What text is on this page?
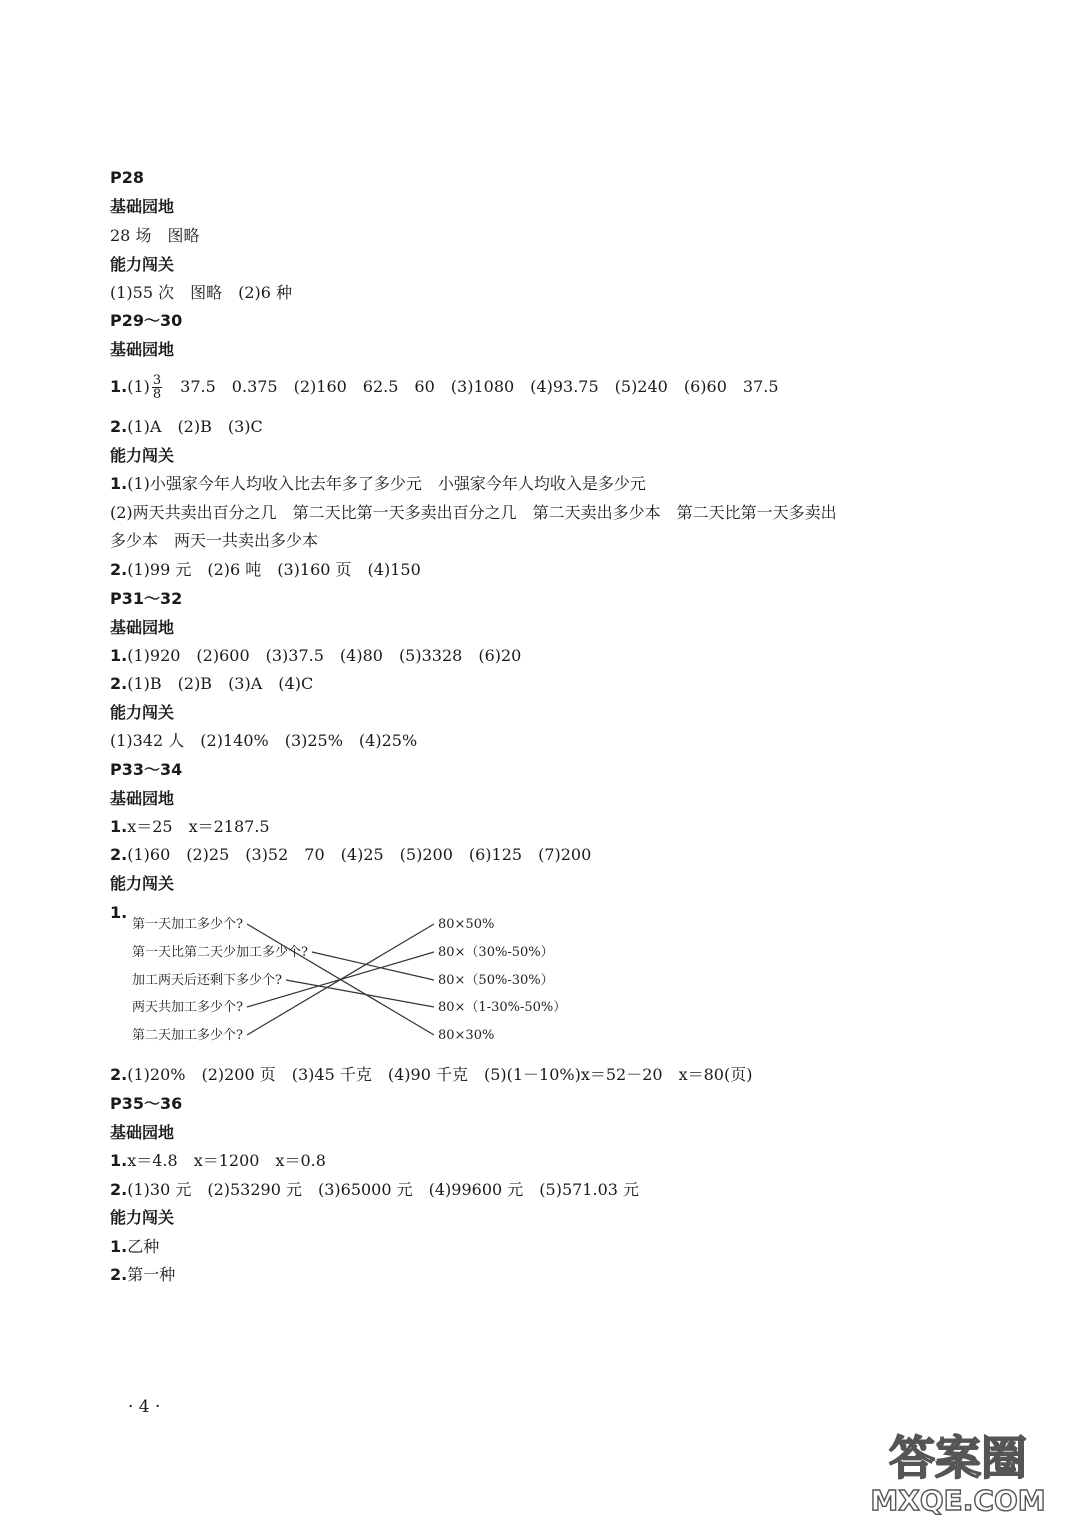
P28

基础园地

28 场　图略

能力闯关

(1)55 次　图略　(2)6 种

P29～30

基础园地

$1.(1) \frac{3}{8}$ 　37.5　0.375　(2)160　62.5　60　(3)1080　(4)93.75　(5)240　(6)60　37.5

2.(1)A　(2)B　(3)C

能力闯关

1.(1)小强家今年人均收入比去年多了多少元　小强家今年人均收入是多少元

(2)两天共卖出百分之几　第二天比第一天多卖出百分之几　第二天卖出多少本　第二天比第一天多卖出

多少本　两天一共卖出多少本

2.(1)99 元　(2)6 吨　(3)160 页　(4)150

P31～32

基础园地

1.(1)920　(2)600　(3)37.5　(4)80　(5)3328　(6)20

2.(1)B　(2)B　(3)A　(4)C

能力闯关

(1)342 人　(2)140%　(3)25%　(4)25%

P33～34

基础园地

1.x＝25　x＝2187.5

2.(1)60　(2)25　(3)52　70　(4)25　(5)200　(6)125　(7)200

能力闯关

1.

第一天加工多少个?
第一天比第二天少加工多少个?
加工两天后还剩下多少个?
两天共加工多少个?
第二天加工多少个?
80×50%
80×（30%-50%）
80×（50%-30%）
80×（1-30%-50%）
80×30%

2.(1)20%　(2)200 页　(3)45 千克　(4)90 千克　(5)(1－10%)x＝52－20　x＝80(页)

P35～36

基础园地

1.x＝4.8　x＝1200　x＝0.8

2.(1)30 元　(2)53290 元　(3)65000 元　(4)99600 元　(5)571.03 元

能力闯关

1.乙种

2.第一种

· 4 ·
答案圈
MXQE.COM
